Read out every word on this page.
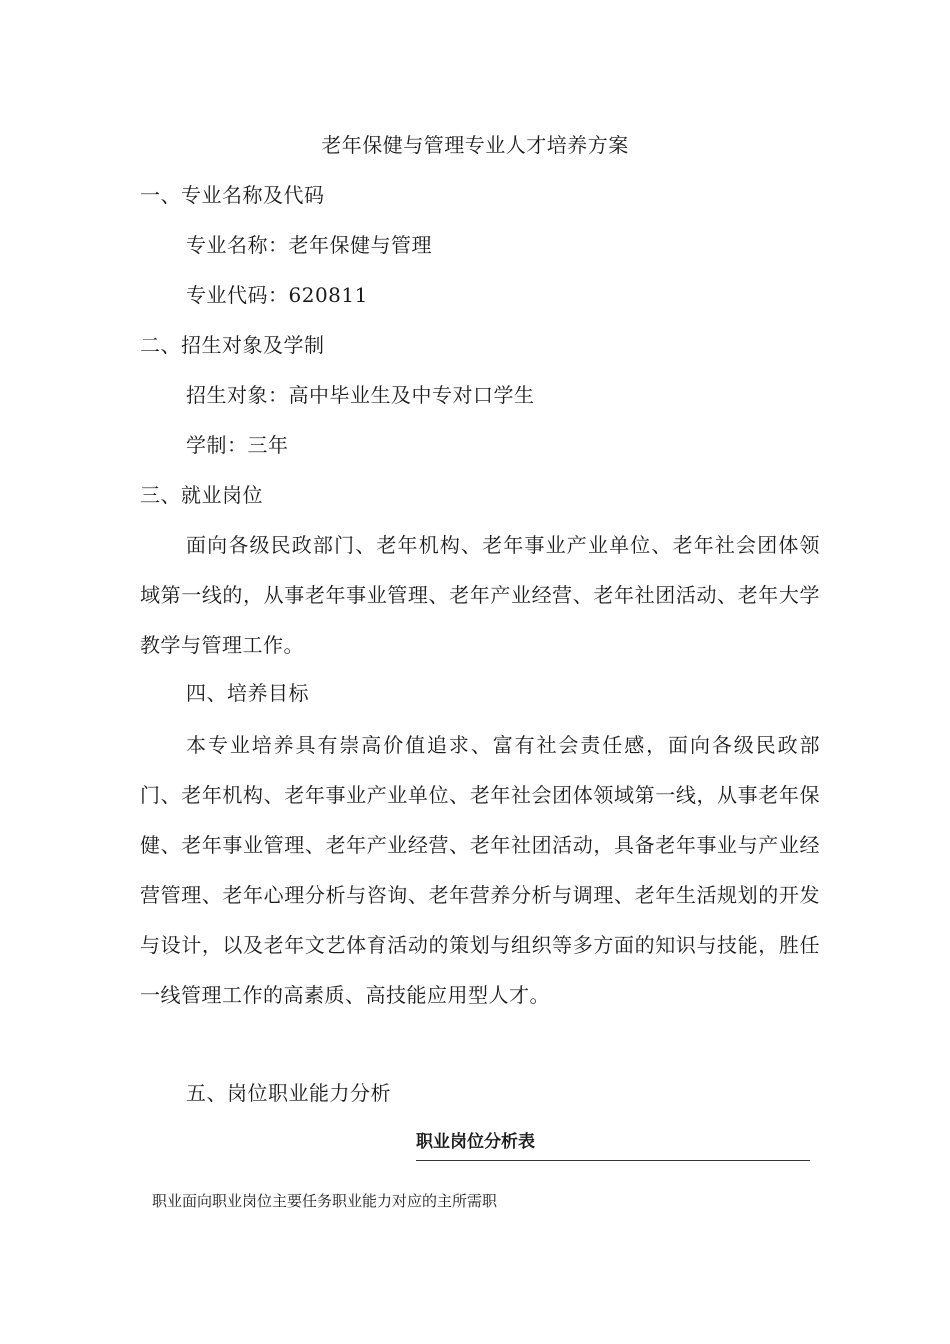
老年保健与管理专业人才培养方案
一、专业名称及代码
专业名称：老年保健与管理
专业代码：620811
二、招生对象及学制
招生对象：高中毕业生及中专对口学生
学制：三年
三、就业岗位
面向各级民政部门、老年机构、老年事业产业单位、老年社会团体领域第一线的，从事老年事业管理、老年产业经营、老年社团活动、老年大学教学与管理工作。
四、培养目标
本专业培养具有崇高价值追求、富有社会责任感，面向各级民政部门、老年机构、老年事业产业单位、老年社会团体领域第一线，从事老年保健、老年事业管理、老年产业经营、老年社团活动，具备老年事业与产业经营管理、老年心理分析与咨询、老年营养分析与调理、老年生活规划的开发与设计，以及老年文艺体育活动的策划与组织等多方面的知识与技能，胜任一线管理工作的高素质、高技能应用型人才。
五、岗位职业能力分析
职业岗位分析表
职业面向职业岗位主要任务职业能力对应的主所需职
